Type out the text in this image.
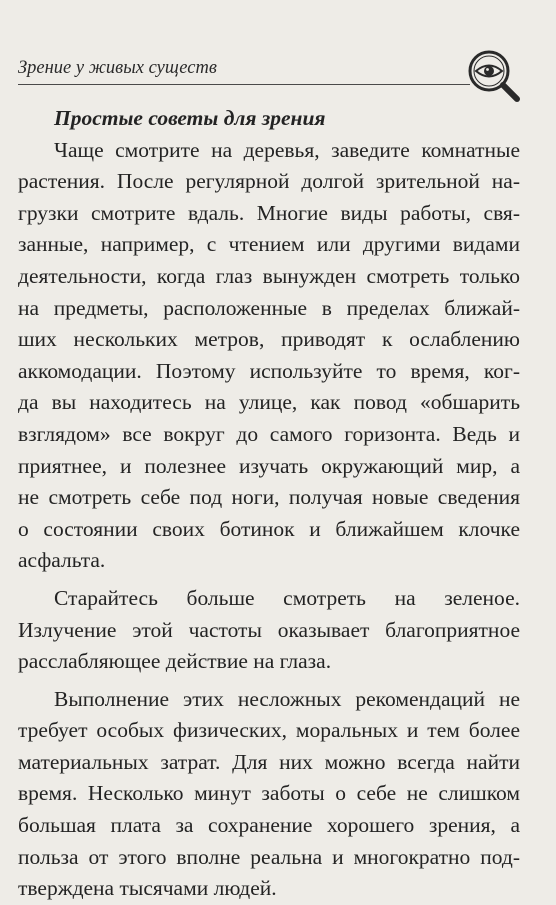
Зрение у живых существ
Простые советы для зрения
Чаще смотрите на деревья, заведите комнатные
растения. После регулярной долгой зрительной на-
грузки смотрите вдаль. Многие виды работы, свя-
занные, например, с чтением или другими видами
деятельности, когда глаз вынужден смотреть только
на предметы, расположенные в пределах ближай-
ших нескольких метров, приводят к ослаблению
аккомодации. Поэтому используйте то время, ког-
да вы находитесь на улице, как повод «обшарить
взглядом» все вокруг до самого горизонта. Ведь и
приятнее, и полезнее изучать окружающий мир, а
не смотреть себе под ноги, получая новые сведения
о состоянии своих ботинок и ближайшем клочке
асфальта.
Старайтесь больше смотреть на зеленое.
Излучение этой частоты оказывает благоприятное
расслабляющее действие на глаза.
Выполнение этих несложных рекомендаций не
требует особых физических, моральных и тем более
материальных затрат. Для них можно всегда найти
время. Несколько минут заботы о себе не слишком
большая плата за сохранение хорошего зрения, а
польза от этого вполне реальна и многократно под-
тверждена тысячами людей.
